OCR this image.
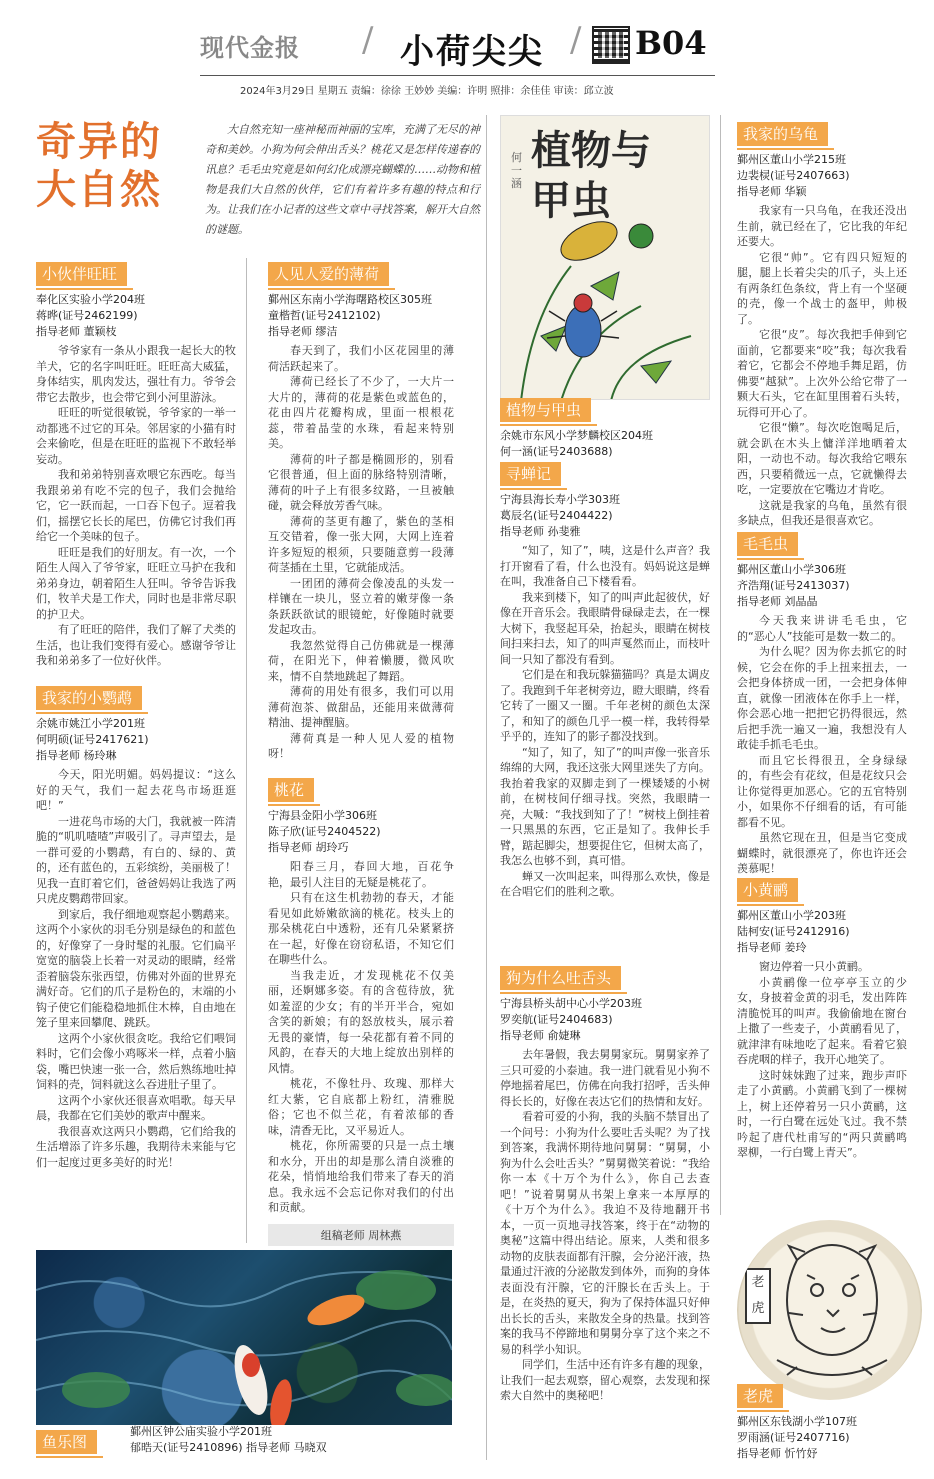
现代金报	/ 小荷尖尖 / B04
2024年3月29日 星期五 责编：徐徐 王妙妙 美编：许明 照排：余佳佳 审读：邱立波
奇异的
大自然
大自然充知一座神秘而神丽的宝库，充满了无尽的神奇和美妙。小狗为何会伸出舌头？桃花又是怎样传递春的讯息？毛毛虫究竟是如何幻化成漂亮蝴蝶的……动物和植物是我们大自然的伙伴，它们有着许多有趣的特点和行为。让我们在小记者的这些文章中寻找答案，解开大自然的谜题。
小伙伴旺旺
奉化区实验小学204班
蒋晔(证号2462199)
指导老师 董颖枝

爷爷家有一条从小跟我一起长大的牧羊犬，它的名字叫旺旺。旺旺高大威猛，身体结实，肌肉发达，强壮有力。爷爷会带它去散步，也会带它到小河里游泳。

旺旺的听觉很敏锐，爷爷家的一举一动都逃不过它的耳朵。邻居家的小猫有时会来偷吃，但是在旺旺的监视下不敢轻举妄动。

我和弟弟特别喜欢喂它东西吃。每当我跟弟弟有吃不完的包子，我们会抛给它，它一跃而起，一口吞下包子。逗着我们，摇摆它长长的尾巴，仿佛它讨我们再给它一个美味的包子。

旺旺是我们的好朋友。有一次，一个陌生人闯入了爷爷家，旺旺立马护在我和弟弟身边，朝着陌生人狂叫。爷爷告诉我们，牧羊犬是工作犬，同时也是非常尽职的护卫犬。

有了旺旺的陪伴，我们了解了犬类的生活，也让我们变得有爱心。感谢爷爷让我和弟弟多了一位好伙伴。

我家的小鹦鹉
余姚市姚江小学201班
何明硕(证号2417621)
指导老师 杨玲琳

今天，阳光明媚。妈妈提议：“这么好的天气，我们一起去花鸟市场逛逛吧！”

一进花鸟市场的大门，我就被一阵清脆的“叽叽喳喳”声吸引了。寻声望去，是一群可爱的小鹦鹉，有白的、绿的、黄的，还有蓝色的，五彩缤纷，美丽极了！见我一直盯着它们，爸爸妈妈让我选了两只虎皮鹦鹉带回家。

到家后，我仔细地观察起小鹦鹉来。这两个小家伙的羽毛分别是绿色的和蓝色的，好像穿了一身时髦的礼服。它们扁平宽宽的脑袋上长着一对灵动的眼睛，经常歪着脑袋东张西望，仿佛对外面的世界充满好奇。它们的爪子是粉色的，末端的小钩子使它们能稳稳地抓住木棒，自由地在笼子里来回攀爬、跳跃。

这两个小家伙很贪吃。我给它们喂饲料时，它们会像小鸡啄米一样，点着小脑袋，嘴巴快速一张一合，然后熟练地吐掉饲料的壳，饲料就这么吞进肚子里了。

这两个小家伙还很喜欢唱歌。每天早晨，我都在它们美妙的歌声中醒来。

我很喜欢这两只小鹦鹉，它们给我的生活增添了许多乐趣，我期待未来能与它们一起度过更多美好的时光！

人见人爱的薄荷
鄞州区东南小学海曙路校区305班
童楷哲(证号2412102)
指导老师 缪洁

春天到了，我们小区花园里的薄荷活跃起来了。

薄荷已经长了不少了，一大片一大片的，薄荷的花是紫色或蓝色的，花由四片花瓣构成，里面一根根花蕊，带着晶莹的水珠，看起来特别美。

薄荷的叶子都是椭圆形的，别看它很普通，但上面的脉络特别清晰，薄荷的叶子上有很多纹路，一旦被触碰，就会释放芳香气味。

薄荷的茎更有趣了，紫色的茎相互交错着，像一张大网，大网上连着许多短短的根须，只要随意剪一段薄荷茎插在土里，它就能成活。

一团团的薄荷会像凌乱的头发一样镶在一块儿，竖立着的嫩芽像一条条跃跃欲试的眼镜蛇，好像随时就要发起攻击。

我忽然觉得自己仿佛就是一棵薄荷，在阳光下，伸着懒腰，微风吹来，情不自禁地跳起了舞蹈。

薄荷的用处有很多，我们可以用薄荷泡茶、做甜品，还能用来做薄荷精油、提神醒脑。

薄荷真是一种人见人爱的植物呀！

桃花
宁海县金阳小学306班
陈子欣(证号2404522)
指导老师 胡玲巧

阳春三月，春回大地，百花争艳，最引人注目的无疑是桃花了。

只有在这生机勃勃的春天，才能看见如此娇嫩欲滴的桃花。枝头上的那朵桃花白中透粉，还有几朵紧紧挤在一起，好像在窃窃私语，不知它们在聊些什么。

当我走近，才发现桃花不仅美丽，还婀娜多姿。有的含苞待放，犹如羞涩的少女；有的半开半合，宛如含笑的新娘；有的怒放枝头，展示着无畏的豪情，每一朵花都有着不同的风韵，在春天的大地上绽放出别样的风情。

桃花，不像牡丹、玫瑰、那样大红大紫，它自底都上粉红，清雅脱俗；它也不似兰花，有着浓郁的香味，清香无比，又平易近人。

桃花，你所需要的只是一点土壤和水分，开出的却是那么清自淡雅的花朵，悄悄地给我们带来了春天的消息。我永远不会忘记你对我们的付出和贡献。

组稿老师 周林燕
鱼乐图
鄞州区钟公庙实验小学201班
郁晧天(证号2410896) 指导老师 马晓双
植物与甲虫
何一涵
植物与甲虫
余姚市东风小学梦麟校区204班
何一涵(证号2403688)
寻蝉记
宁海县海长寿小学303班
葛辰名(证号2404422)
指导老师 孙斐雅

“知了，知了”，咦，这是什么声音？我打开窗看了看，什么也没有。妈妈说这是蝉在叫，我准备自己下楼看看。

我来到楼下，知了的叫声此起彼伏，好像在开音乐会。我眼睛骨碌碌走去，在一棵大树下，我竖起耳朵，抬起头，眼睛在树枝间扫来扫去，知了的叫声戛然而止，而枝叶间一只知了都没有看到。

它们是在和我玩躲猫猫吗？真是太调皮了。我跑到千年老树旁边，瞪大眼睛，终看它转了一圈又一圈。千年老树的颜色太深了，和知了的颜色几乎一模一样，我转得晕乎乎的，连知了的影子都没找到。

“知了，知了，知了”的叫声像一张音乐绵绵的大网，我还这张大网里迷失了方向。我抬着我家的双脚走到了一棵矮矮的小树前，在树枝间仔细寻找。突然，我眼睛一亮，大喊：“我找到知了了！”树枝上倒挂着一只黑黑的东西，它正是知了。我伸长手臂，踮起脚尖，想要捉住它，但树太高了，我怎么也够不到，真可惜。

蝉又一次叫起来，叫得那么欢快，像是在合唱它们的胜利之歌。

狗为什么吐舌头
宁海县桥头胡中心小学203班
罗奕航(证号2404683)
指导老师 俞婕琳

去年暑假，我去舅舅家玩。舅舅家养了三只可爱的小泰迪。我一进门就看见小狗不停地摇着尾巴，仿佛在向我打招呼，舌头伸得长长的，好像在表达它们的热情和友好。

看着可爱的小狗，我的头脑不禁冒出了一个问号：小狗为什么要吐舌头呢？为了找到答案，我满怀期待地问舅舅：“舅舅，小狗为什么会吐舌头？”舅舅微笑着说：“我给你一本《十万个为什么》，你自己去查吧！”说着舅舅从书架上拿来一本厚厚的《十万个为什么》。我迫不及待地翻开书本，一页一页地寻找答案，终于在“动物的奥秘”这篇中得出结论。原来，人类和很多动物的皮肤表面都有汗腺，会分泌汗液，热量通过汗液的分泌散发到体外，而狗的身体表面没有汗腺，它的汗腺长在舌头上。于是，在炎热的夏天，狗为了保持体温只好伸出长长的舌头，来散发全身的热量。找到答案的我马不停蹄地和舅舅分享了这个来之不易的科学小知识。

同学们，生活中还有许多有趣的现象，让我们一起去观察，留心观察，去发现和探索大自然中的奥秘吧！

我家的乌龟
鄞州区董山小学215班
边裴棂(证号2407663)
指导老师 华颖

我家有一只乌龟，在我还没出生前，就已经在了，它比我的年纪还要大。

它很“帅”。它有四只短短的腿，腿上长着尖尖的爪子，头上还有两条红色条纹，背上有一个坚硬的壳，像一个战士的盔甲，帅极了。

它很“皮”。每次我把手伸到它面前，它都要来“咬”我；每次我看着它，它都会不停地手舞足蹈，仿佛要“越狱”。上次外公给它带了一颗大石头，它在缸里围着石头转，玩得可开心了。

它很“懒”。每次吃饱喝足后，就会趴在木头上慵洋洋地晒着太阳，一动也不动。每次我给它喂东西，只要稍微远一点，它就懒得去吃，一定要放在它嘴边才肯吃。

这就是我家的乌龟，虽然有很多缺点，但我还是很喜欢它。

毛毛虫
鄞州区董山小学306班
齐浩翔(证号2413037)
指导老师 刘晶晶

今天我来讲讲毛毛虫，它的“恶心人”技能可是数一数二的。

为什么呢？因为你去抓它的时候，它会在你的手上扭来扭去，一会把身体挤成一团，一会把身体伸直，就像一团液体在你手上一样，你会恶心地一把把它扔得很远，然后把手洗一遍又一遍，我想没有人敢徒手抓毛毛虫。

而且它长得很丑，全身绿绿的，有些会有花纹，但是花纹只会让你觉得更加恶心。它的五官特别小，如果你不仔细看的话，有可能都看不见。

虽然它现在丑，但是当它变成蝴蝶时，就很漂亮了，你也许还会羡慕呢！

小黄鹂
鄞州区董山小学203班
陆柯安(证号2412916)
指导老师 姜玲

窗边停着一只小黄鹂。

小黄鹂像一位亭亭玉立的少女，身披着金黄的羽毛，发出阵阵清脆悦耳的叫声。我偷偷地在窗台上撒了一些麦子，小黄鹂看见了，就津津有味地吃了起来。看着它狼吞虎咽的样子，我开心地笑了。

这时妹妹跑了过来，跑步声吓走了小黄鹂。小黄鹂飞到了一棵树上，树上还停着另一只小黄鹂，这时，一行白鹭在远处飞过。我不禁吟起了唐代杜甫写的“两只黄鹂鸣翠柳，一行白鹭上青天”。

老虎
老虎
鄞州区东钱湖小学107班
罗雨涵(证号2407716)
指导老师 忻竹妤
